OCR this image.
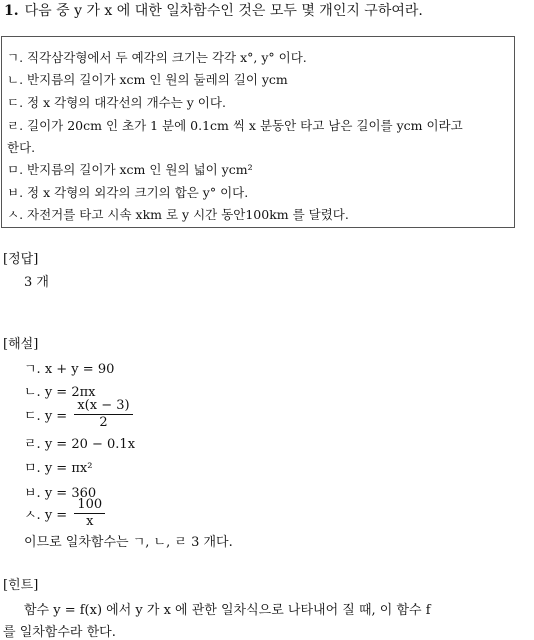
1. 다음 중 y 가 x 에 대한 일차함수인 것은 모두 몇 개인지 구하여라.
ㄱ. 직각삼각형에서 두 예각의 크기는 각각 x°, y° 이다.
ㄴ. 반지름의 길이가 xcm 인 원의 둘레의 길이 ycm
ㄷ. 정 x 각형의 대각선의 개수는 y 이다.
ㄹ. 길이가 20cm 인 초가 1 분에 0.1cm 씩 x 분동안 타고 남은 길이를 ycm 이라고
한다.
ㅁ. 반지름의 길이가 xcm 인 원의 넓이 ycm²
ㅂ. 정 x 각형의 외각의 크기의 합은 y° 이다.
ㅅ. 자전거를 타고 시속 xkm 로 y 시간 동안100km 를 달렸다.
[정답]
3 개
[해설]
ㄱ. x + y = 90
ㄴ. y = 2πx
ㄷ. $y = \frac{x(x - 3)}{2}$
ㄹ. y = 20 − 0.1x
ㅁ. y = πx²
ㅂ. y = 360
ㅅ. $y = \frac{100}{x}$
이므로 일차함수는 ㄱ, ㄴ, ㄹ 3 개다.
[힌트]
함수 y = f(x) 에서 y 가 x 에 관한 일차식으로 나타내어 질 때, 이 함수 f
를 일차함수라 한다.
